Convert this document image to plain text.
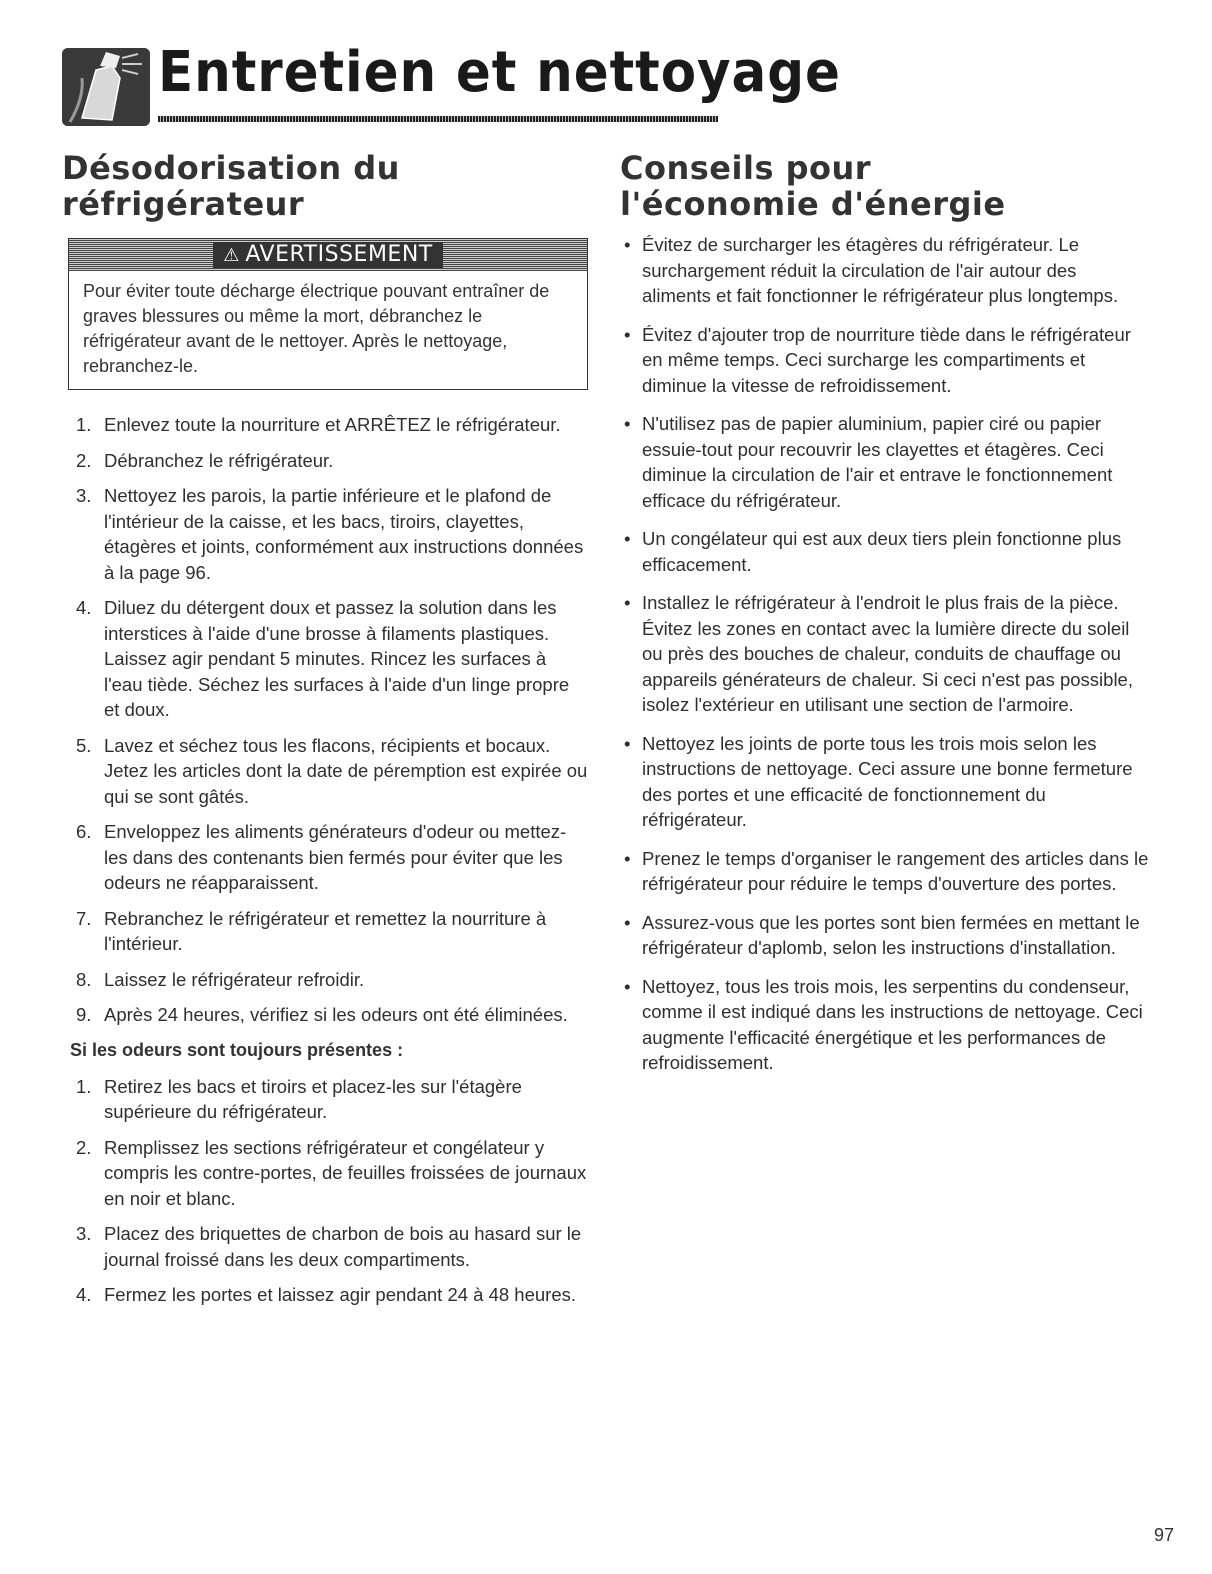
Entretien et nettoyage
Désodorisation du réfrigérateur
⚠ AVERTISSEMENT
Pour éviter toute décharge électrique pouvant entraîner de graves blessures ou même la mort, débranchez le réfrigérateur avant de le nettoyer. Après le nettoyage, rebranchez-le.
1. Enlevez toute la nourriture et ARRÊTEZ le réfrigérateur.
2. Débranchez le réfrigérateur.
3. Nettoyez les parois, la partie inférieure et le plafond de l'intérieur de la caisse, et les bacs, tiroirs, clayettes, étagères et joints, conformément aux instructions données à la page 96.
4. Diluez du détergent doux et passez la solution dans les interstices à l'aide d'une brosse à filaments plastiques. Laissez agir pendant 5 minutes. Rincez les surfaces à l'eau tiède. Séchez les surfaces à l'aide d'un linge propre et doux.
5. Lavez et séchez tous les flacons, récipients et bocaux. Jetez les articles dont la date de péremption est expirée ou qui se sont gâtés.
6. Enveloppez les aliments générateurs d'odeur ou mettez-les dans des contenants bien fermés pour éviter que les odeurs ne réapparaissent.
7. Rebranchez le réfrigérateur et remettez la nourriture à l'intérieur.
8. Laissez le réfrigérateur refroidir.
9. Après 24 heures, vérifiez si les odeurs ont été éliminées.
Si les odeurs sont toujours présentes :
1. Retirez les bacs et tiroirs et placez-les sur l'étagère supérieure du réfrigérateur.
2. Remplissez les sections réfrigérateur et congélateur y compris les contre-portes, de feuilles froissées de journaux en noir et blanc.
3. Placez des briquettes de charbon de bois au hasard sur le journal froissé dans les deux compartiments.
4. Fermez les portes et laissez agir pendant 24 à 48 heures.
Conseils pour l'économie d'énergie
• Évitez de surcharger les étagères du réfrigérateur. Le surchargement réduit la circulation de l'air autour des aliments et fait fonctionner le réfrigérateur plus longtemps.
• Évitez d'ajouter trop de nourriture tiède dans le réfrigérateur en même temps. Ceci surcharge les compartiments et diminue la vitesse de refroidissement.
• N'utilisez pas de papier aluminium, papier ciré ou papier essuie-tout pour recouvrir les clayettes et étagères. Ceci diminue la circulation de l'air et entrave le fonctionnement efficace du réfrigérateur.
• Un congélateur qui est aux deux tiers plein fonctionne plus efficacement.
• Installez le réfrigérateur à l'endroit le plus frais de la pièce. Évitez les zones en contact avec la lumière directe du soleil ou près des bouches de chaleur, conduits de chauffage ou appareils générateurs de chaleur. Si ceci n'est pas possible, isolez l'extérieur en utilisant une section de l'armoire.
• Nettoyez les joints de porte tous les trois mois selon les instructions de nettoyage. Ceci assure une bonne fermeture des portes et une efficacité de fonctionnement du réfrigérateur.
• Prenez le temps d'organiser le rangement des articles dans le réfrigérateur pour réduire le temps d'ouverture des portes.
• Assurez-vous que les portes sont bien fermées en mettant le réfrigérateur d'aplomb, selon les instructions d'installation.
• Nettoyez, tous les trois mois, les serpentins du condenseur, comme il est indiqué dans les instructions de nettoyage. Ceci augmente l'efficacité énergétique et les performances de refroidissement.
97
